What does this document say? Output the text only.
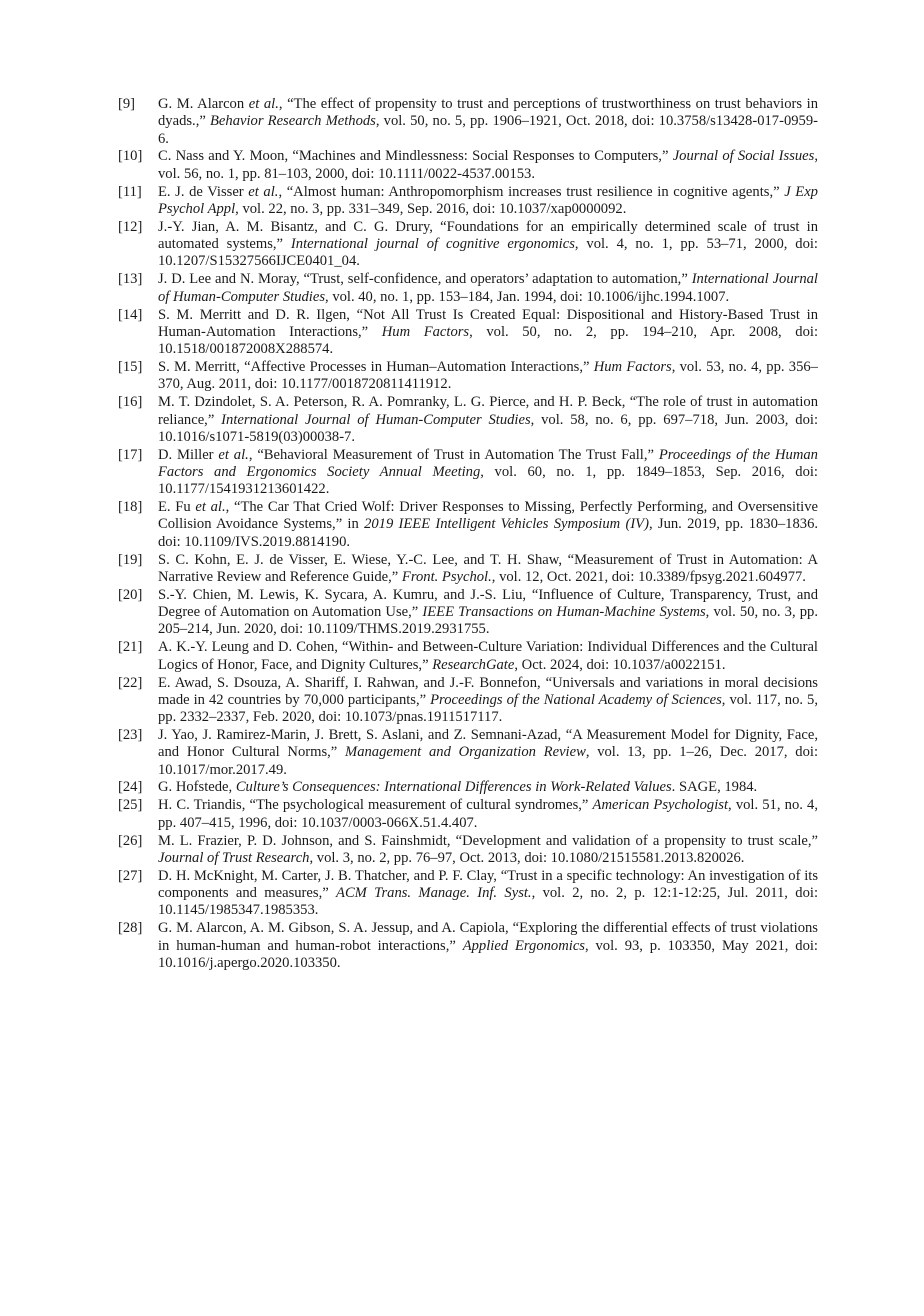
[9] G. M. Alarcon et al., “The effect of propensity to trust and perceptions of trustworthiness on trust behaviors in dyads.,” Behavior Research Methods, vol. 50, no. 5, pp. 1906–1921, Oct. 2018, doi: 10.3758/s13428-017-0959-6.

[10] C. Nass and Y. Moon, “Machines and Mindlessness: Social Responses to Computers,” Journal of Social Issues, vol. 56, no. 1, pp. 81–103, 2000, doi: 10.1111/0022-4537.00153.

[11] E. J. de Visser et al., “Almost human: Anthropomorphism increases trust resilience in cognitive agents,” J Exp Psychol Appl, vol. 22, no. 3, pp. 331–349, Sep. 2016, doi: 10.1037/xap0000092.

[12] J.-Y. Jian, A. M. Bisantz, and C. G. Drury, “Foundations for an empirically determined scale of trust in automated systems,” International journal of cognitive ergonomics, vol. 4, no. 1, pp. 53–71, 2000, doi: 10.1207/S15327566IJCE0401_04.

[13] J. D. Lee and N. Moray, “Trust, self-confidence, and operators’ adaptation to automation,” International Journal of Human-Computer Studies, vol. 40, no. 1, pp. 153–184, Jan. 1994, doi: 10.1006/ijhc.1994.1007.

[14] S. M. Merritt and D. R. Ilgen, “Not All Trust Is Created Equal: Dispositional and History-Based Trust in Human-Automation Interactions,” Hum Factors, vol. 50, no. 2, pp. 194–210, Apr. 2008, doi: 10.1518/001872008X288574.

[15] S. M. Merritt, “Affective Processes in Human–Automation Interactions,” Hum Factors, vol. 53, no. 4, pp. 356–370, Aug. 2011, doi: 10.1177/0018720811411912.

[16] M. T. Dzindolet, S. A. Peterson, R. A. Pomranky, L. G. Pierce, and H. P. Beck, “The role of trust in automation reliance,” International Journal of Human-Computer Studies, vol. 58, no. 6, pp. 697–718, Jun. 2003, doi: 10.1016/s1071-5819(03)00038-7.

[17] D. Miller et al., “Behavioral Measurement of Trust in Automation The Trust Fall,” Proceedings of the Human Factors and Ergonomics Society Annual Meeting, vol. 60, no. 1, pp. 1849–1853, Sep. 2016, doi: 10.1177/1541931213601422.

[18] E. Fu et al., “The Car That Cried Wolf: Driver Responses to Missing, Perfectly Performing, and Oversensitive Collision Avoidance Systems,” in 2019 IEEE Intelligent Vehicles Symposium (IV), Jun. 2019, pp. 1830–1836. doi: 10.1109/IVS.2019.8814190.

[19] S. C. Kohn, E. J. de Visser, E. Wiese, Y.-C. Lee, and T. H. Shaw, “Measurement of Trust in Automation: A Narrative Review and Reference Guide,” Front. Psychol., vol. 12, Oct. 2021, doi: 10.3389/fpsyg.2021.604977.

[20] S.-Y. Chien, M. Lewis, K. Sycara, A. Kumru, and J.-S. Liu, “Influence of Culture, Transparency, Trust, and Degree of Automation on Automation Use,” IEEE Transactions on Human-Machine Systems, vol. 50, no. 3, pp. 205–214, Jun. 2020, doi: 10.1109/THMS.2019.2931755.

[21] A. K.-Y. Leung and D. Cohen, “Within- and Between-Culture Variation: Individual Differences and the Cultural Logics of Honor, Face, and Dignity Cultures,” ResearchGate, Oct. 2024, doi: 10.1037/a0022151.

[22] E. Awad, S. Dsouza, A. Shariff, I. Rahwan, and J.-F. Bonnefon, “Universals and variations in moral decisions made in 42 countries by 70,000 participants,” Proceedings of the National Academy of Sciences, vol. 117, no. 5, pp. 2332–2337, Feb. 2020, doi: 10.1073/pnas.1911517117.

[23] J. Yao, J. Ramirez-Marin, J. Brett, S. Aslani, and Z. Semnani-Azad, “A Measurement Model for Dignity, Face, and Honor Cultural Norms,” Management and Organization Review, vol. 13, pp. 1–26, Dec. 2017, doi: 10.1017/mor.2017.49.

[24] G. Hofstede, Culture’s Consequences: International Differences in Work-Related Values. SAGE, 1984.

[25] H. C. Triandis, “The psychological measurement of cultural syndromes,” American Psychologist, vol. 51, no. 4, pp. 407–415, 1996, doi: 10.1037/0003-066X.51.4.407.

[26] M. L. Frazier, P. D. Johnson, and S. Fainshmidt, “Development and validation of a propensity to trust scale,” Journal of Trust Research, vol. 3, no. 2, pp. 76–97, Oct. 2013, doi: 10.1080/21515581.2013.820026.

[27] D. H. McKnight, M. Carter, J. B. Thatcher, and P. F. Clay, “Trust in a specific technology: An investigation of its components and measures,” ACM Trans. Manage. Inf. Syst., vol. 2, no. 2, p. 12:1-12:25, Jul. 2011, doi: 10.1145/1985347.1985353.

[28] G. M. Alarcon, A. M. Gibson, S. A. Jessup, and A. Capiola, “Exploring the differential effects of trust violations in human-human and human-robot interactions,” Applied Ergonomics, vol. 93, p. 103350, May 2021, doi: 10.1016/j.apergo.2020.103350.
